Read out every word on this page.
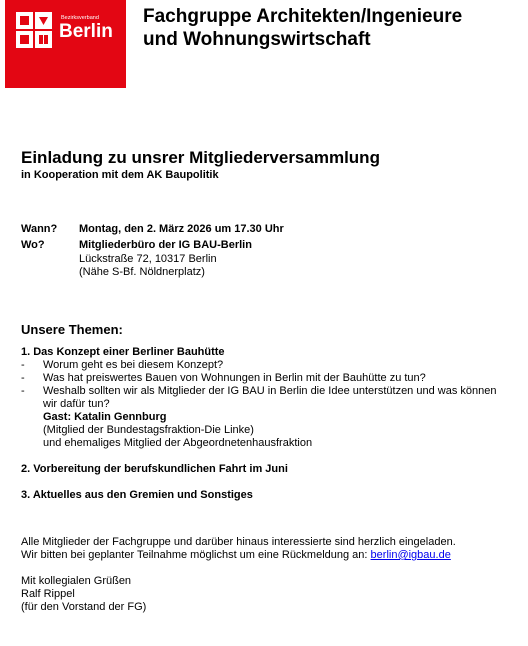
Bezirksverband
Berlin
Fachgruppe Architekten/Ingenieure
und Wohnungswirtschaft
Einladung zu unsrer Mitgliederversammlung
in Kooperation mit dem AK Baupolitik
Wann? Montag, den 2. März 2026 um 17.30 Uhr
Wo?	Mitgliederbüro der IG BAU-Berlin
Lückstraße 72, 10317 Berlin
(Nähe S-Bf. Nöldnerplatz)
Unsere Themen:
1. Das Konzept einer Berliner Bauhütte
- Worum geht es bei diesem Konzept?
- Was hat preiswertes Bauen von Wohnungen in Berlin mit der Bauhütte zu tun?
- Weshalb sollten wir als Mitglieder der IG BAU in Berlin die Idee unterstützen und was können wir dafür tun?
Gast: Katalin Gennburg
(Mitglied der Bundestagsfraktion-Die Linke)
und ehemaliges Mitglied der Abgeordnetenhausfraktion
2. Vorbereitung der berufskundlichen Fahrt im Juni
3. Aktuelles aus den Gremien und Sonstiges
Alle Mitglieder der Fachgruppe und darüber hinaus interessierte sind herzlich eingeladen.
Wir bitten bei geplanter Teilnahme möglichst um eine Rückmeldung an: berlin@igbau.de
Mit kollegialen Grüßen
Ralf Rippel
(für den Vorstand der FG)
